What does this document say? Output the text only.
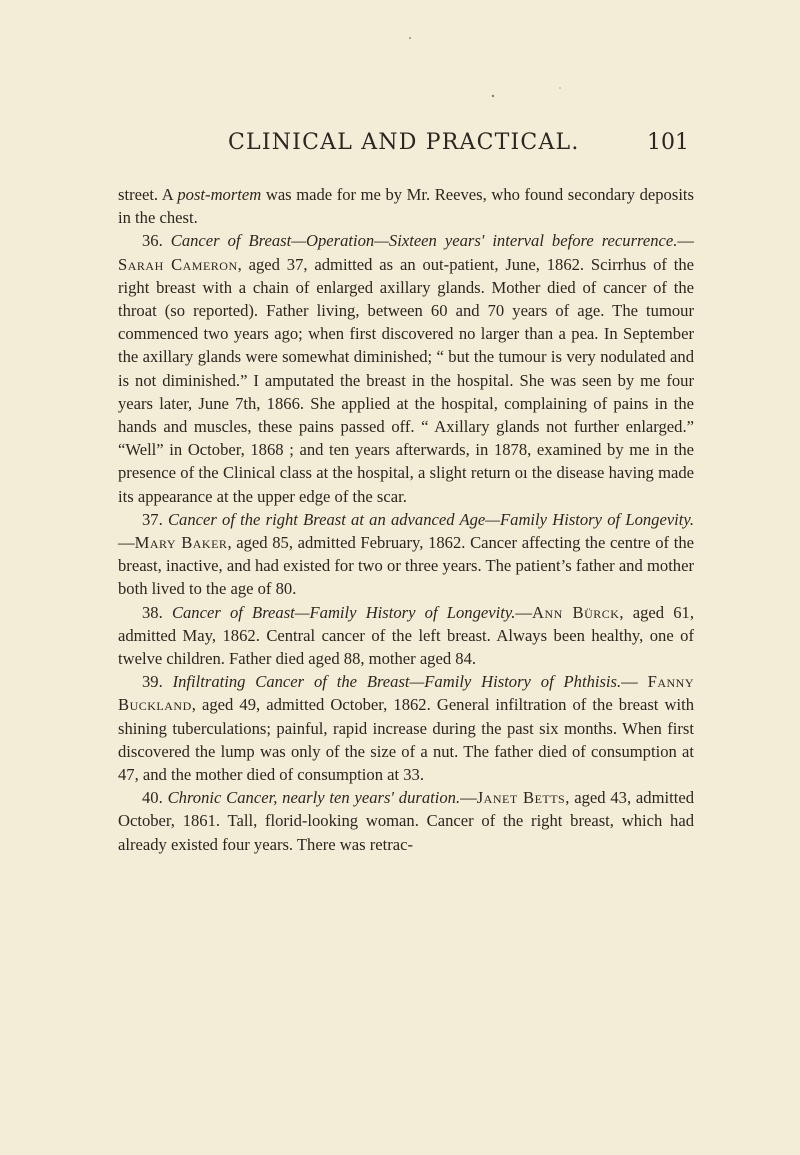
CLINICAL AND PRACTICAL.	101

street. A post-mortem was made for me by Mr. Reeves, who found secondary deposits in the chest.

36. Cancer of Breast—Operation—Sixteen years' interval before recurrence.—Sarah Cameron, aged 37, admitted as an out-patient, June, 1862. Scirrhus of the right breast with a chain of enlarged axillary glands. Mother died of cancer of the throat (so reported). Father living, between 60 and 70 years of age. The tumour commenced two years ago; when first discovered no larger than a pea. In September the axillary glands were somewhat diminished; “ but the tumour is very nodulated and is not diminished.” I amputated the breast in the hospital. She was seen by me four years later, June 7th, 1866. She applied at the hospital, complaining of pains in the hands and muscles, these pains passed off. “ Axillary glands not further enlarged.” “Well” in October, 1868 ; and ten years afterwards, in 1878, examined by me in the presence of the Clinical class at the hospital, a slight return oı the disease having made its appearance at the upper edge of the scar.

37. Cancer of the right Breast at an advanced Age—Family History of Longevity.—Mary Baker, aged 85, admitted February, 1862. Cancer affecting the centre of the breast, inactive, and had existed for two or three years. The patient’s father and mother both lived to the age of 80.

38. Cancer of Breast—Family History of Longevity.—Ann Bürck, aged 61, admitted May, 1862. Central cancer of the left breast. Always been healthy, one of twelve children. Father died aged 88, mother aged 84.

39. Infiltrating Cancer of the Breast—Family History of Phthisis.— Fanny Buckland, aged 49, admitted October, 1862. General infiltration of the breast with shining tuberculations; painful, rapid increase during the past six months. When first discovered the lump was only of the size of a nut. The father died of consumption at 47, and the mother died of consumption at 33.

40. Chronic Cancer, nearly ten years' duration.—Janet Betts, aged 43, admitted October, 1861. Tall, florid-looking woman. Cancer of the right breast, which had already existed four years. There was retrac-
